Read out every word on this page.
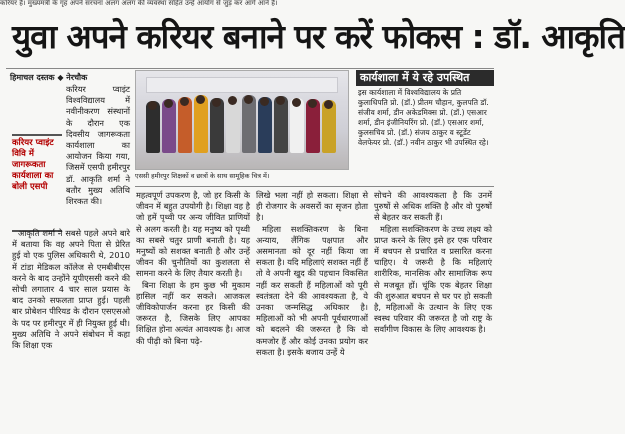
करियर है। मुख्यमंत्री के गृह अपने संरचना अलग अलग की व्यवस्था सहित उन्हें आयोग से जुड़ कर आगे आने हैं।
युवा अपने करियर बनाने पर करें फोकस : डॉ. आकृति
हिमाचल दस्तक ◆ नेरचौक
एससी हमीरपुर शिक्षकों व छात्रों के साथ सामूहिक चित्र में।
कार्यशाला में ये रहे उपस्थित
इस कार्यशाला में विश्वविद्यालय के प्रति कुलाधिपति प्रो. (डॉ.) प्रीतम चौहान, कुलपति डॉ. संजीव शर्मा, डीन अकेडमिक्स प्रो. (डॉ.) एसआर शर्मा, डीन इंजीनियरिंग प्रो. (डॉ.) एसआर शर्मा, कुलसचिव प्रो. (डॉ.) संजय ठाकुर व स्टूडेंट वेलफेयर प्रो. (डॉ.) नवीन ठाकुर भी उपस्थित रहे।
करियर प्वाइंट विवि में जागरूकता कार्यशाला का बोली एसपी

करियर प्वाइंट विश्वविद्यालय में नवीनीकरण संस्थानों के दौरान एक दिवसीय जागरूकता कार्यशाला का आयोजन किया गया, जिसमें एसपी हमीरपुर डॉ. आकृति शर्मा ने बतौर मुख्य अतिथि शिरकत की।

आकृति शर्मा ने सबसे पहले अपने बारे में बताया कि वह अपने पिता से प्रेरित हुई वो एक पुलिस अधिकारी थे, 2010 में टांडा मेडिकल कॉलेज से एमबीबीएस करने के बाद उन्होंने यूपीएससी करने की सोची लगातार 4 चार साल प्रयास के बाद उनको सफलता प्राप्त हुई। पहली बार प्रोबेशन पीरियड के दौरान एसएसओ के पद पर हमीरपुर में ही नियुक्त हुई थी। मुख्य अतिथि ने अपने संबोधन में कहा कि शिक्षा एक

महत्वपूर्ण उपकरण है, जो हर किसी के जीवन में बहुत उपयोगी है। शिक्षा वह है जो हमें पृथ्वी पर अन्य जीवित प्राणियों से अलग करती है। यह मनुष्य को पृथ्वी का सबसे चतुर प्राणी बनाती है। यह मनुष्यों को सशक्त बनाती है और उन्हें जीवन की चुनौतियों का कुशलता से सामना करने के लिए तैयार करती है।

बिना शिक्षा के हम कुछ भी मुकाम हासिल नहीं कर सकते। आजकल जीविकोपार्जन करना हर किसी की जरूरत है, जिसके लिए आपका शिक्षित होना अत्यंत आवश्यक है। आज की पीढ़ी को बिना पढ़े-

लिखे भला नहीं हो सकता। शिक्षा से ही रोजगार के अवसरों का सृजन होता है।

महिला सशक्तिकरण के बिना अन्याय, लैंगिक पक्षपात और असमानता को दूर नहीं किया जा सकता है। यदि महिलाएं सशक्त नहीं हैं तो वे अपनी खुद की पहचान विकसित नहीं कर सकती हैं महिलाओं को पूरी स्वतंत्रता देने की आवश्यकता है, ये उनका जन्मसिद्ध अधिकार है। महिलाओं को भी अपनी पूर्वधारणाओं को बदलने की जरूरत है कि वो कमजोर हैं और कोई उनका प्रयोग कर सकता है। इसके बजाय उन्हें ये

सोचने की आवश्यकता है कि उनमें पुरुषों से अधिक शक्ति है और वो पुरुषों से बेहतर कर सकती हैं।

महिला सशक्तिकरण के उच्च लक्ष्य को प्राप्त करने के लिए इसे हर एक परिवार में बचपन से प्रचारित व प्रसारित करना चाहिए। ये जरूरी है कि महिलाएं शारीरिक, मानसिक और सामाजिक रूप से मजबूत हों। चूंकि एक बेहतर शिक्षा की शुरुआत बचपन से घर पर हो सकती है, महिलाओं के उत्थान के लिए एक स्वस्थ परिवार की जरूरत है जो राष्ट्र के सर्वांगीण विकास के लिए आवश्यक है।
